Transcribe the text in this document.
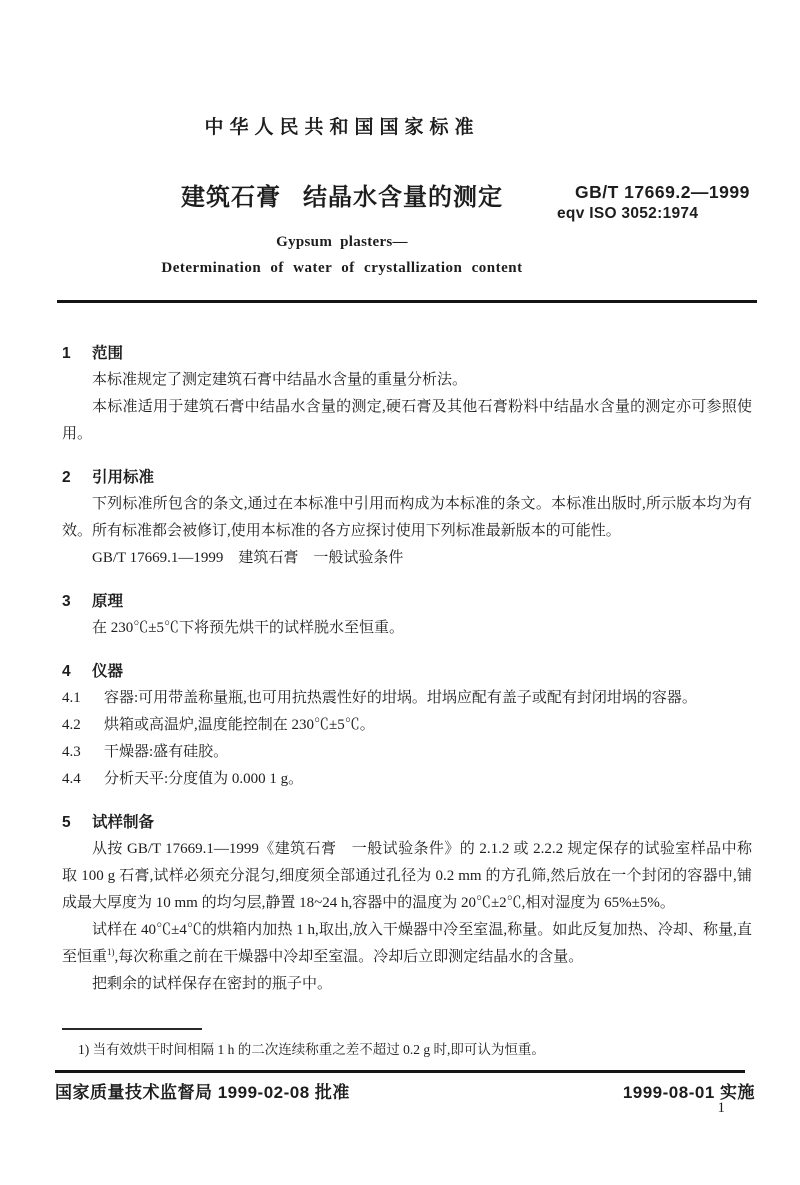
中华人民共和国国家标准
建筑石膏 结晶水含量的测定
Gypsum plasters—
Determination of water of crystallization content
GB/T 17669.2—1999
eqv ISO 3052:1974
1 范围

本标准规定了测定建筑石膏中结晶水含量的重量分析法。

本标准适用于建筑石膏中结晶水含量的测定,硬石膏及其他石膏粉料中结晶水含量的测定亦可参照使用。

2 引用标准

下列标准所包含的条文,通过在本标准中引用而构成为本标准的条文。本标准出版时,所示版本均为有效。所有标准都会被修订,使用本标准的各方应探讨使用下列标准最新版本的可能性。

GB/T 17669.1—1999　建筑石膏　一般试验条件

3 原理

在 230℃±5℃下将预先烘干的试样脱水至恒重。

4 仪器
4.1	容器:可用带盖称量瓶,也可用抗热震性好的坩埚。坩埚应配有盖子或配有封闭坩埚的容器。
4.2	烘箱或高温炉,温度能控制在 230℃±5℃。
4.3	干燥器:盛有硅胶。
4.4	分析天平:分度值为 0.000 1 g。
5 试样制备

从按 GB/T 17669.1—1999《建筑石膏　一般试验条件》的 2.1.2 或 2.2.2 规定保存的试验室样品中称取 100 g 石膏,试样必须充分混匀,细度须全部通过孔径为 0.2 mm 的方孔筛,然后放在一个封闭的容器中,铺成最大厚度为 10 mm 的均匀层,静置 18~24 h,容器中的温度为 20℃±2℃,相对湿度为 65%±5%。

试样在 40℃±4℃的烘箱内加热 1 h,取出,放入干燥器中冷至室温,称量。如此反复加热、冷却、称量,直至恒重$^{1)}$,每次称重之前在干燥器中冷却至室温。冷却后立即测定结晶水的含量。

把剩余的试样保存在密封的瓶子中。

1) 当有效烘干时间相隔 1 h 的二次连续称重之差不超过 0.2 g 时,即可认为恒重。
国家质量技术监督局 1999-02-08 批准	1999-08-01 实施
1
